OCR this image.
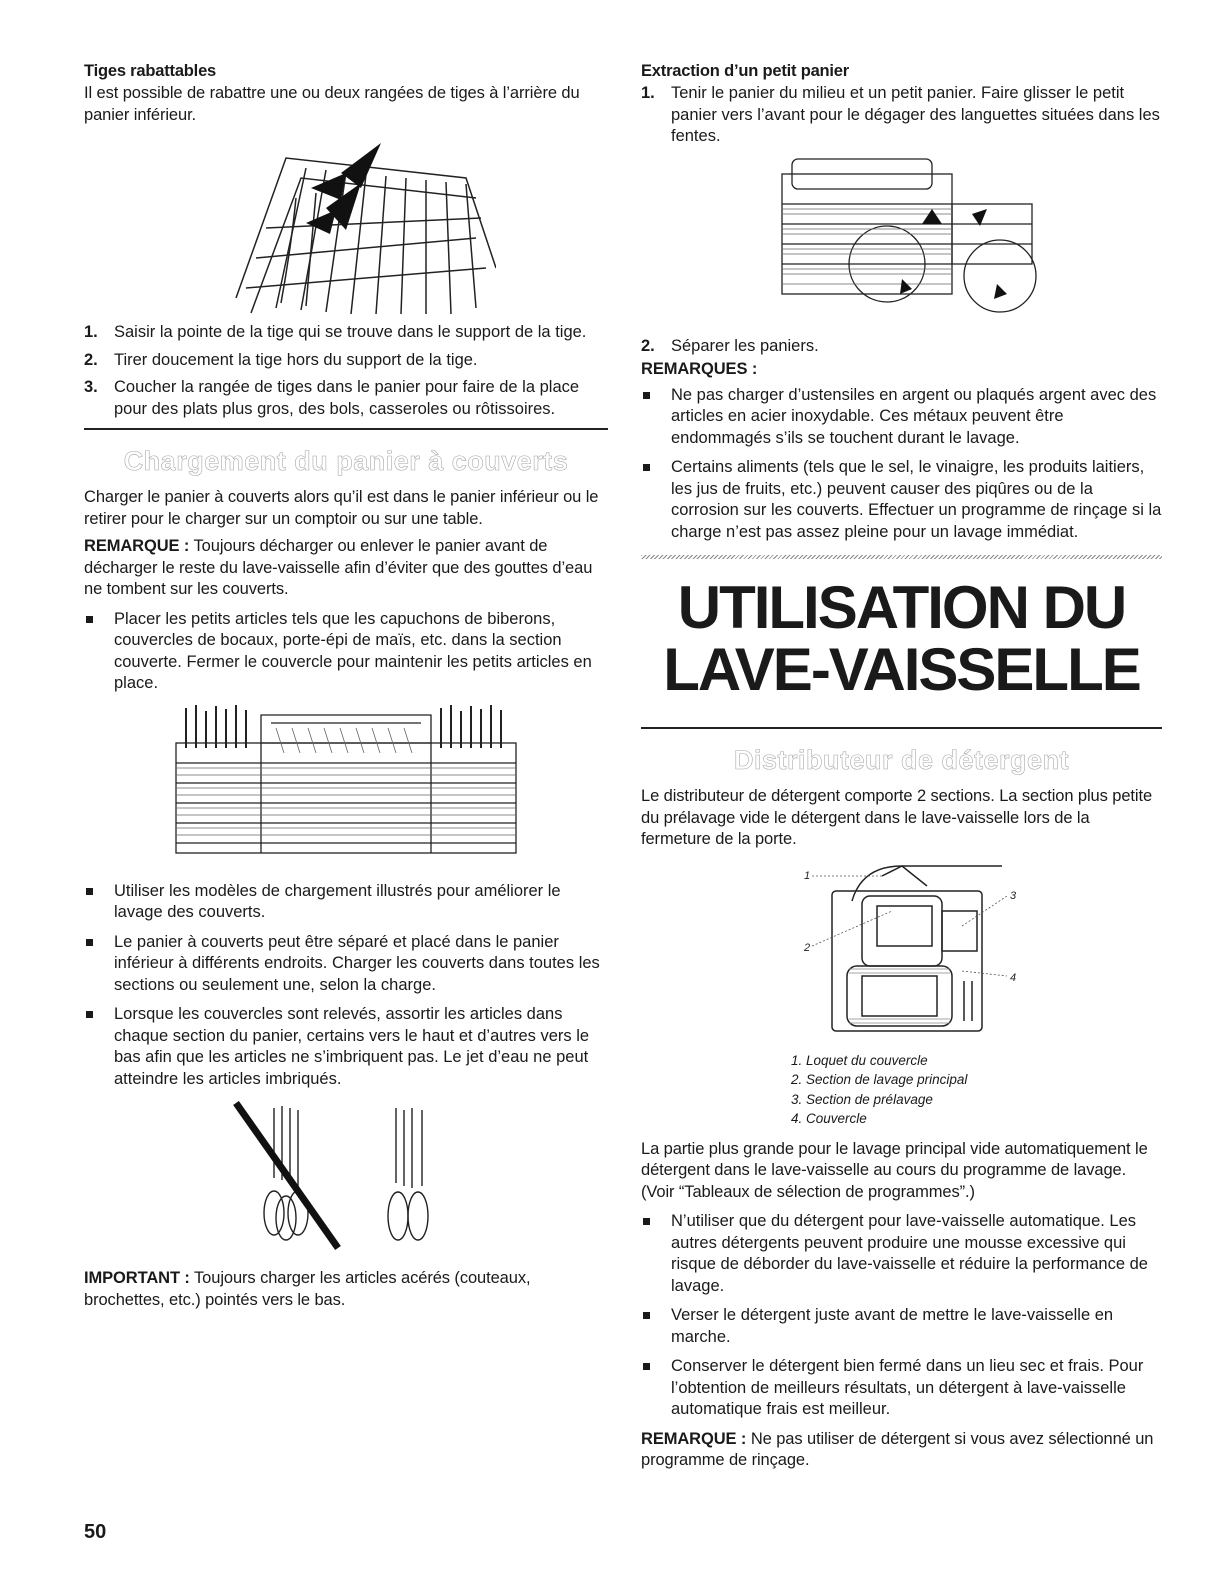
Tiges rabattables

Il est possible de rabattre une ou deux rangées de tiges à l’arrière du panier inférieur.

1. Saisir la pointe de la tige qui se trouve dans le support de la tige.
2. Tirer doucement la tige hors du support de la tige.
3. Coucher la rangée de tiges dans le panier pour faire de la place pour des plats plus gros, des bols, casseroles ou rôtissoires.
Chargement du panier à couverts

Charger le panier à couverts alors qu’il est dans le panier inférieur ou le retirer pour le charger sur un comptoir ou sur une table.

REMARQUE : Toujours décharger ou enlever le panier avant de décharger le reste du lave-vaisselle afin d’éviter que des gouttes d’eau ne tombent sur les couverts.

Placer les petits articles tels que les capuchons de biberons, couvercles de bocaux, porte-épi de maïs, etc. dans la section couverte. Fermer le couvercle pour maintenir les petits articles en place.
Utiliser les modèles de chargement illustrés pour améliorer le lavage des couverts.
Le panier à couverts peut être séparé et placé dans le panier inférieur à différents endroits. Charger les couverts dans toutes les sections ou seulement une, selon la charge.
Lorsque les couvercles sont relevés, assortir les articles dans chaque section du panier, certains vers le haut et d’autres vers le bas afin que les articles ne s’imbriquent pas. Le jet d’eau ne peut atteindre les articles imbriqués.

IMPORTANT : Toujours charger les articles acérés (couteaux, brochettes, etc.) pointés vers le bas.

Extraction d’un petit panier
1. Tenir le panier du milieu et un petit panier. Faire glisser le petit panier vers l’avant pour le dégager des languettes situées dans les fentes.
2. Séparer les paniers.

REMARQUES :

Ne pas charger d’ustensiles en argent ou plaqués argent avec des articles en acier inoxydable. Ces métaux peuvent être endommagés s’ils se touchent durant le lavage.
Certains aliments (tels que le sel, le vinaigre, les produits laitiers, les jus de fruits, etc.) peuvent causer des piqûres ou de la corrosion sur les couverts. Effectuer un programme de rinçage si la charge n’est pas assez pleine pour un lavage immédiat.
UTILISATION DU
LAVE-VAISSELLE
Distributeur de détergent

Le distributeur de détergent comporte 2 sections. La section plus petite du prélavage vide le détergent dans le lave-vaisselle lors de la fermeture de la porte.

1
2
3
4
1. Loquet du couvercle
2. Section de lavage principal
3. Section de prélavage
4. Couvercle

La partie plus grande pour le lavage principal vide automatiquement le détergent dans le lave-vaisselle au cours du programme de lavage. (Voir “Tableaux de sélection de programmes”.)

N’utiliser que du détergent pour lave-vaisselle automatique. Les autres détergents peuvent produire une mousse excessive qui risque de déborder du lave-vaisselle et réduire la performance de lavage.
Verser le détergent juste avant de mettre le lave-vaisselle en marche.
Conserver le détergent bien fermé dans un lieu sec et frais. Pour l’obtention de meilleurs résultats, un détergent à lave-vaisselle automatique frais est meilleur.

REMARQUE : Ne pas utiliser de détergent si vous avez sélectionné un programme de rinçage.

50
